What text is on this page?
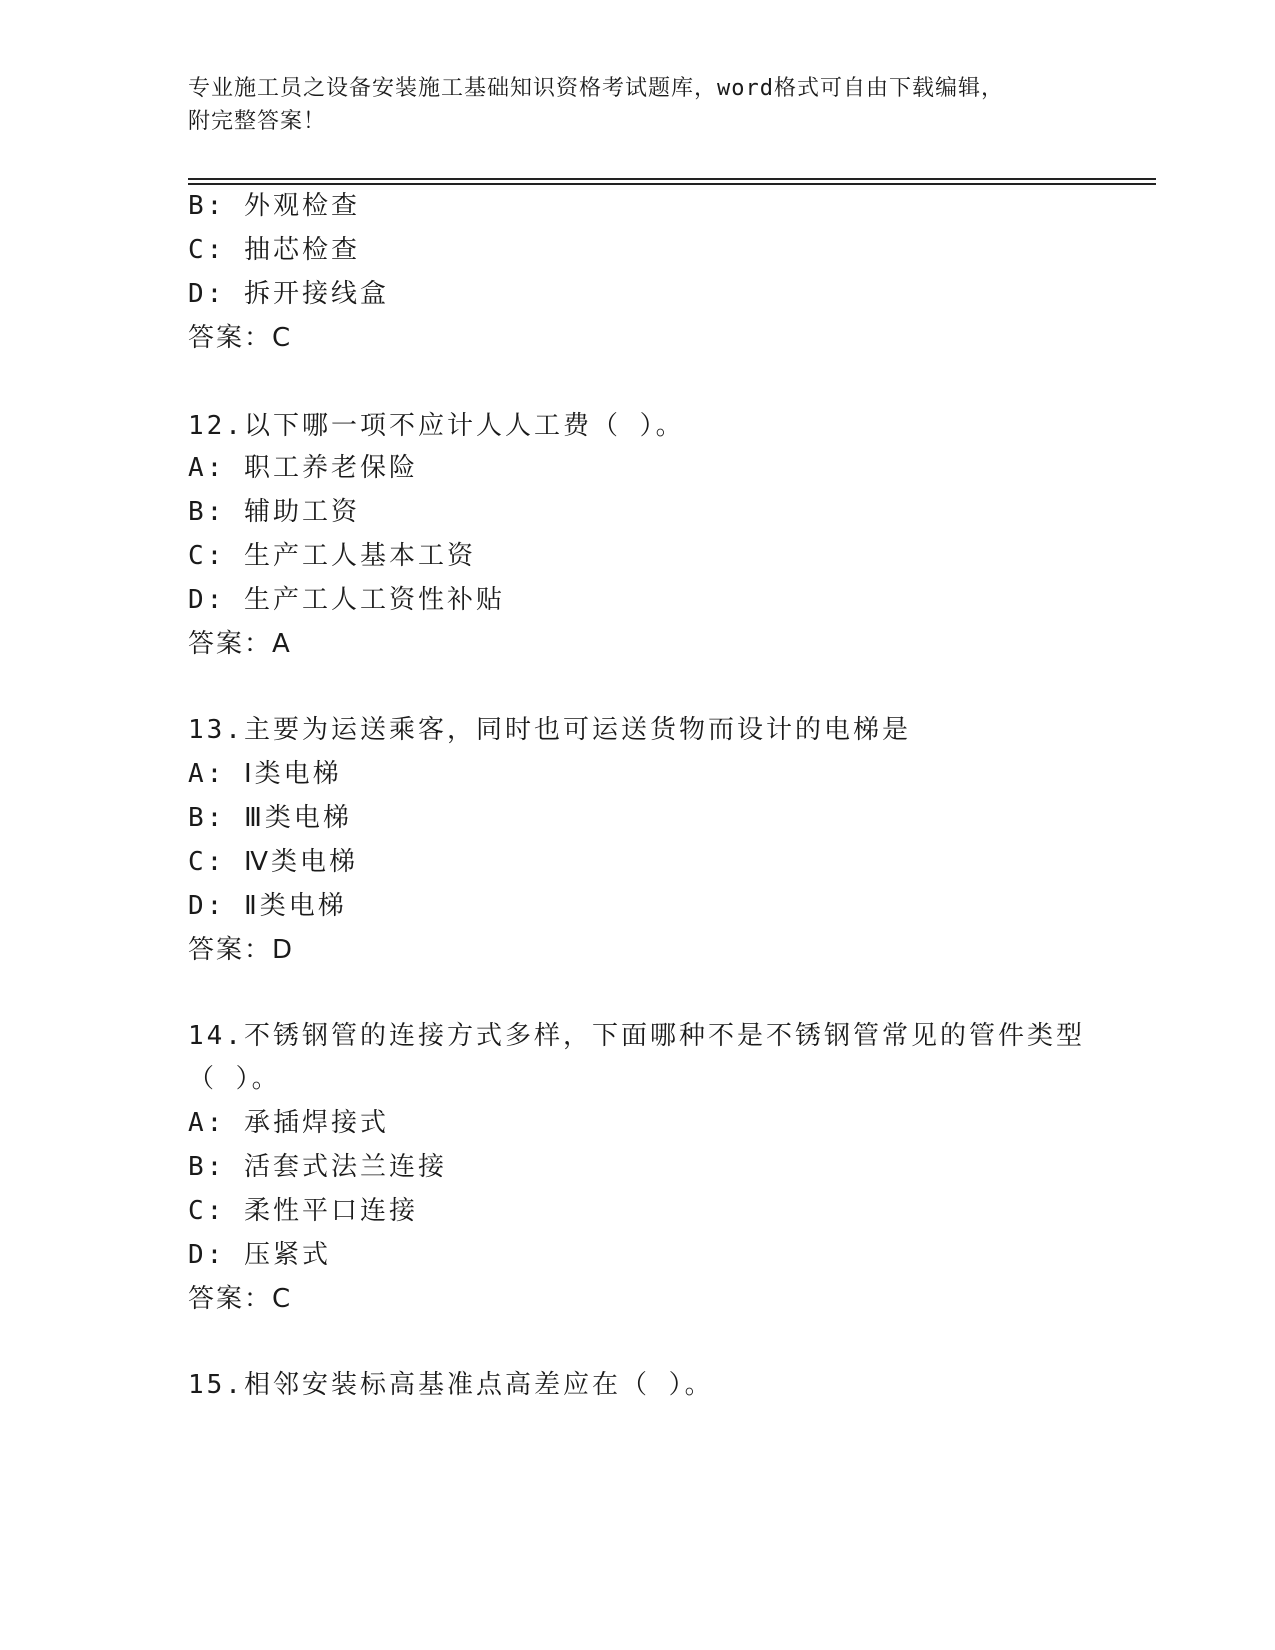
专业施工员之设备安装施工基础知识资格考试题库，word格式可自由下载编辑，
附完整答案！
B: 外观检查
C: 抽芯检查
D: 拆开接线盒
答案：C
12.以下哪一项不应计人人工费（ ）。
A: 职工养老保险
B: 辅助工资
C: 生产工人基本工资
D: 生产工人工资性补贴
答案：A
13.主要为运送乘客，同时也可运送货物而设计的电梯是
A: Ⅰ类电梯
B: Ⅲ类电梯
C: Ⅳ类电梯
D: Ⅱ类电梯
答案：D
14.不锈钢管的连接方式多样，下面哪种不是不锈钢管常见的管件类型
（ ）。
A: 承插焊接式
B: 活套式法兰连接
C: 柔性平口连接
D: 压紧式
答案：C
15.相邻安装标高基准点高差应在（ ）。
